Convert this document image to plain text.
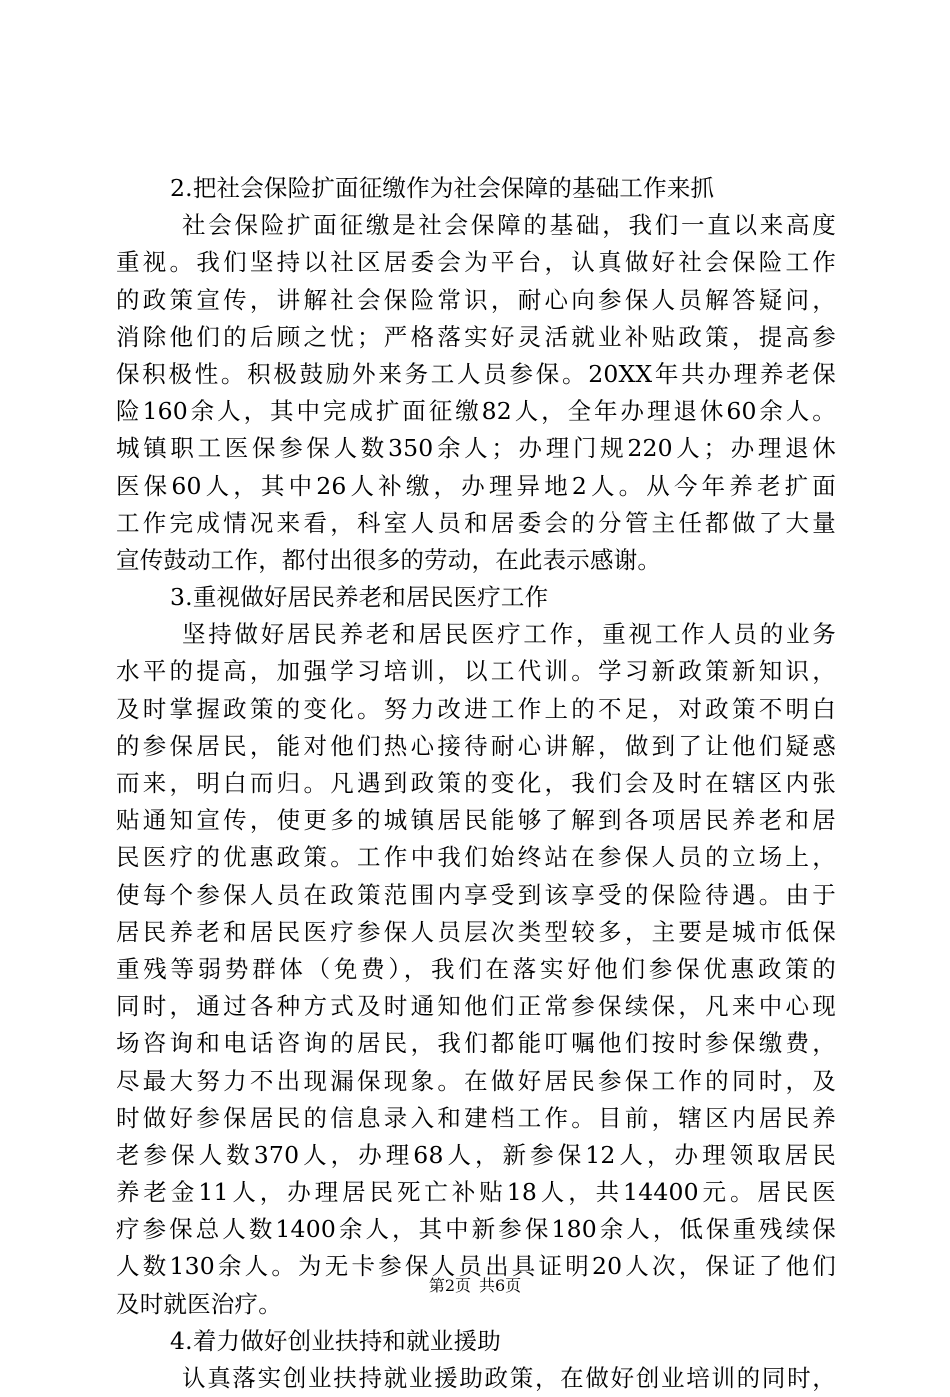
2.把社会保险扩面征缴作为社会保障的基础工作来抓
社会保险扩面征缴是社会保障的基础，我们一直以来高度
重视。我们坚持以社区居委会为平台，认真做好社会保险工作
的政策宣传，讲解社会保险常识，耐心向参保人员解答疑问，
消除他们的后顾之忧；严格落实好灵活就业补贴政策，提高参
保积极性。积极鼓励外来务工人员参保。20XX年共办理养老保
险160余人，其中完成扩面征缴82人，全年办理退休60余人。
城镇职工医保参保人数350余人；办理门规220人；办理退休
医保60人，其中26人补缴，办理异地2人。从今年养老扩面
工作完成情况来看，科室人员和居委会的分管主任都做了大量
宣传鼓动工作，都付出很多的劳动，在此表示感谢。
3.重视做好居民养老和居民医疗工作
坚持做好居民养老和居民医疗工作，重视工作人员的业务
水平的提高，加强学习培训，以工代训。学习新政策新知识，
及时掌握政策的变化。努力改进工作上的不足，对政策不明白
的参保居民，能对他们热心接待耐心讲解，做到了让他们疑惑
而来，明白而归。凡遇到政策的变化，我们会及时在辖区内张
贴通知宣传，使更多的城镇居民能够了解到各项居民养老和居
民医疗的优惠政策。工作中我们始终站在参保人员的立场上，
使每个参保人员在政策范围内享受到该享受的保险待遇。由于
居民养老和居民医疗参保人员层次类型较多，主要是城市低保
重残等弱势群体（免费），我们在落实好他们参保优惠政策的
同时，通过各种方式及时通知他们正常参保续保，凡来中心现
场咨询和电话咨询的居民，我们都能叮嘱他们按时参保缴费，
尽最大努力不出现漏保现象。在做好居民参保工作的同时，及
时做好参保居民的信息录入和建档工作。目前，辖区内居民养
老参保人数370人，办理68人，新参保12人，办理领取居民
养老金11人，办理居民死亡补贴18人，共14400元。居民医
疗参保总人数1400余人，其中新参保180余人，低保重残续保
人数130余人。为无卡参保人员出具证明20人次，保证了他们
及时就医治疗。
4.着力做好创业扶持和就业援助
认真落实创业扶持就业援助政策，在做好创业培训的同时，
第2页 共6页
